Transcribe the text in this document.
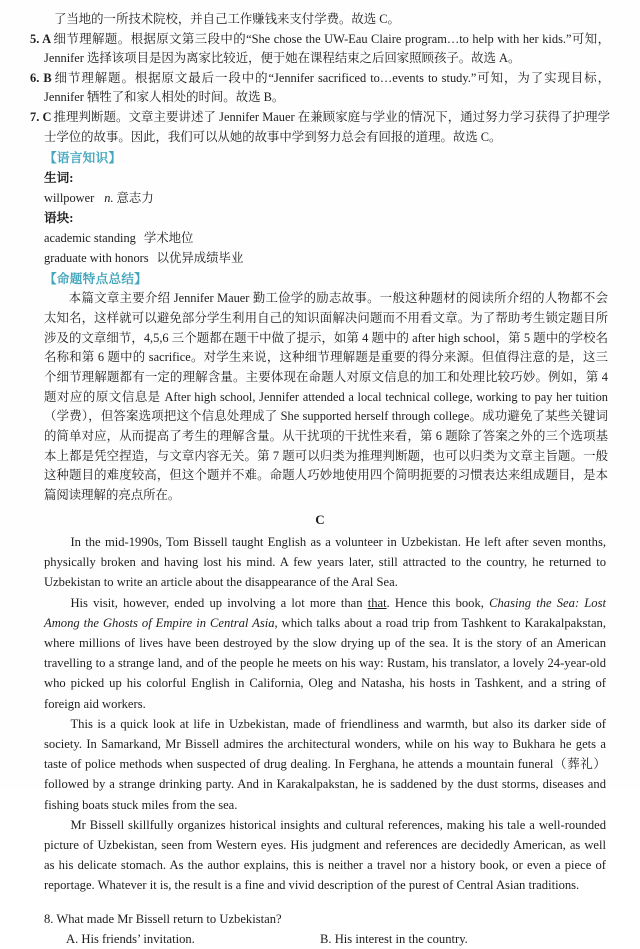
了当地的一所技术院校，并自己工作赚钱来支付学费。故选 C。

5. A 细节理解题。根据原文第三段中的“She chose the UW-Eau Claire program…to help with her kids.”可知，Jennifer 选择该项目是因为离家比较近，便于她在课程结束之后回家照顾孩子。故选 A。

6. B 细节理解题。根据原文最后一段中的“Jennifer sacrificed to…events to study.”可知，为了实现目标，Jennifer 牺牲了和家人相处的时间。故选 B。

7. C 推理判断题。文章主要讲述了 Jennifer Mauer 在兼顾家庭与学业的情况下，通过努力学习获得了护理学士学位的故事。因此，我们可以从她的故事中学到努力总会有回报的道理。故选 C。

【语言知识】
生词:
willpower n. 意志力
语块:
academic standing 学术地位
graduate with honors 以优异成绩毕业
【命题特点总结】

本篇文章主要介绍 Jennifer Mauer 勤工俭学的励志故事。一般这种题材的阅读所介绍的人物都不会太知名，这样就可以避免部分学生利用自己的知识面解决问题而不用看文章。为了帮助考生锁定题目所涉及的文章细节，4,5,6 三个题都在题干中做了提示，如第 4 题中的 after high school，第 5 题中的学校名名称和第 6 题中的 sacrifice。对学生来说，这种细节理解题是重要的得分来源。但值得注意的是，这三个细节理解题都有一定的理解含量。主要体现在命题人对原文信息的加工和处理比较巧妙。例如，第 4 题对应的原文信息是 After high school, Jennifer attended a local technical college, working to pay her tuition（学费），但答案选项把这个信息处理成了 She supported herself through college。成功避免了某些关键词的简单对应，从而提高了考生的理解含量。从干扰项的干扰性来看，第 6 题除了答案之外的三个选项基本上都是凭空捏造，与文章内容无关。第 7 题可以归类为推理判断题，也可以归类为文章主旨题。一般这种题目的难度较高，但这个题并不难。命题人巧妙地使用四个简明扼要的习惯表达来组成题目，是本篇阅读理解的亮点所在。

C

In the mid-1990s, Tom Bissell taught English as a volunteer in Uzbekistan. He left after seven months, physically broken and having lost his mind. A few years later, still attracted to the country, he returned to Uzbekistan to write an article about the disappearance of the Aral Sea.

His visit, however, ended up involving a lot more than that. Hence this book, Chasing the Sea: Lost Among the Ghosts of Empire in Central Asia, which talks about a road trip from Tashkent to Karakalpakstan, where millions of lives have been destroyed by the slow drying up of the sea. It is the story of an American travelling to a strange land, and of the people he meets on his way: Rustam, his translator, a lovely 24-year-old who picked up his colorful English in California, Oleg and Natasha, his hosts in Tashkent, and a string of foreign aid workers.

This is a quick look at life in Uzbekistan, made of friendliness and warmth, but also its darker side of society. In Samarkand, Mr Bissell admires the architectural wonders, while on his way to Bukhara he gets a taste of police methods when suspected of drug dealing. In Ferghana, he attends a mountain funeral（葬礼）followed by a strange drinking party. And in Karakalpakstan, he is saddened by the dust storms, diseases and fishing boats stuck miles from the sea.

Mr Bissell skillfully organizes historical insights and cultural references, making his tale a well-rounded picture of Uzbekistan, seen from Western eyes. His judgment and references are decidedly American, as well as his delicate stomach. As the author explains, this is neither a travel nor a history book, or even a piece of reportage. Whatever it is, the result is a fine and vivid description of the purest of Central Asian traditions.

8. What made Mr Bissell return to Uzbekistan?
A. His friends’ invitation.	B. His interest in the country.
